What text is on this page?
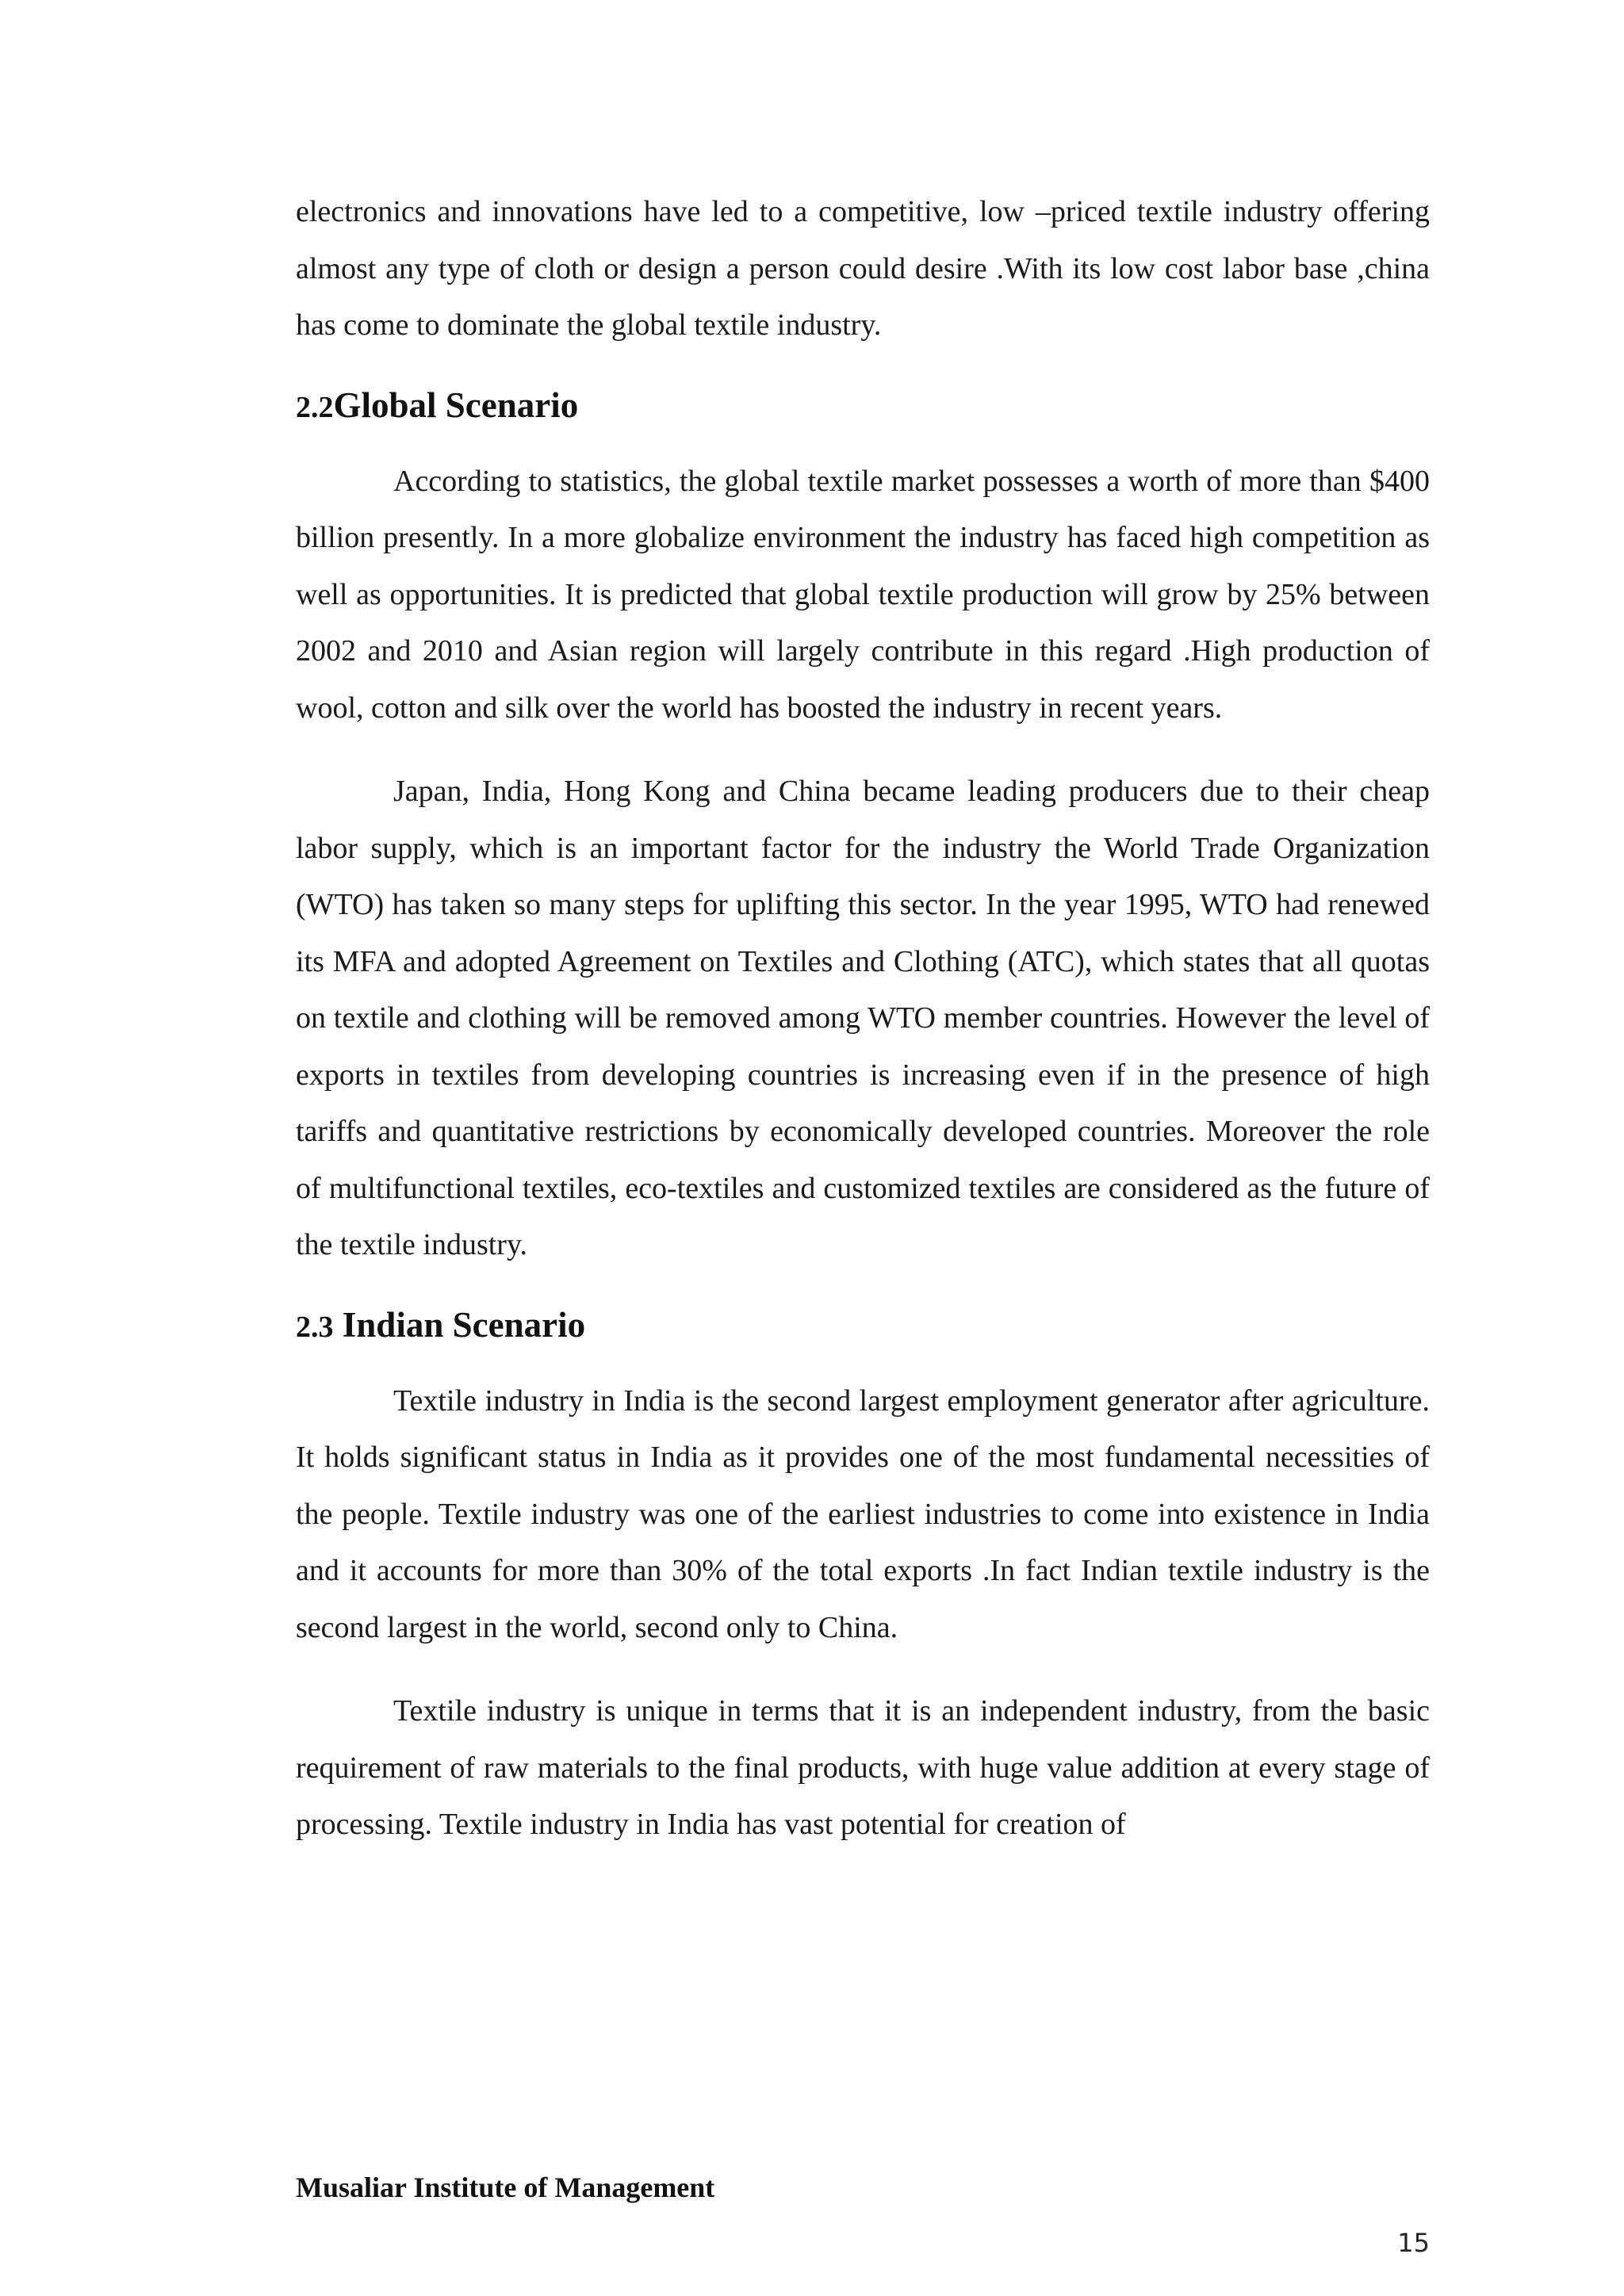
electronics and innovations have led to a competitive, low –priced textile industry offering almost any type of cloth or design a person could desire .With its low cost labor base ,china has come to dominate the global textile industry.

2.2Global Scenario

According to statistics, the global textile market possesses a worth of more than $400 billion presently. In a more globalize environment the industry has faced high competition as well as opportunities. It is predicted that global textile production will grow by 25% between 2002 and 2010 and Asian region will largely contribute in this regard .High production of wool, cotton and silk over the world has boosted the industry in recent years.

Japan, India, Hong Kong and China became leading producers due to their cheap labor supply, which is an important factor for the industry the World Trade Organization (WTO) has taken so many steps for uplifting this sector. In the year 1995, WTO had renewed its MFA and adopted Agreement on Textiles and Clothing (ATC), which states that all quotas on textile and clothing will be removed among WTO member countries. However the level of exports in textiles from developing countries is increasing even if in the presence of high tariffs and quantitative restrictions by economically developed countries. Moreover the role of multifunctional textiles, eco-textiles and customized textiles are considered as the future of the textile industry.

2.3 Indian Scenario

Textile industry in India is the second largest employment generator after agriculture. It holds significant status in India as it provides one of the most fundamental necessities of the people. Textile industry was one of the earliest industries to come into existence in India and it accounts for more than 30% of the total exports .In fact Indian textile industry is the second largest in the world, second only to China.

Textile industry is unique in terms that it is an independent industry, from the basic requirement of raw materials to the final products, with huge value addition at every stage of processing. Textile industry in India has vast potential for creation of

Musaliar Institute of Management
15
